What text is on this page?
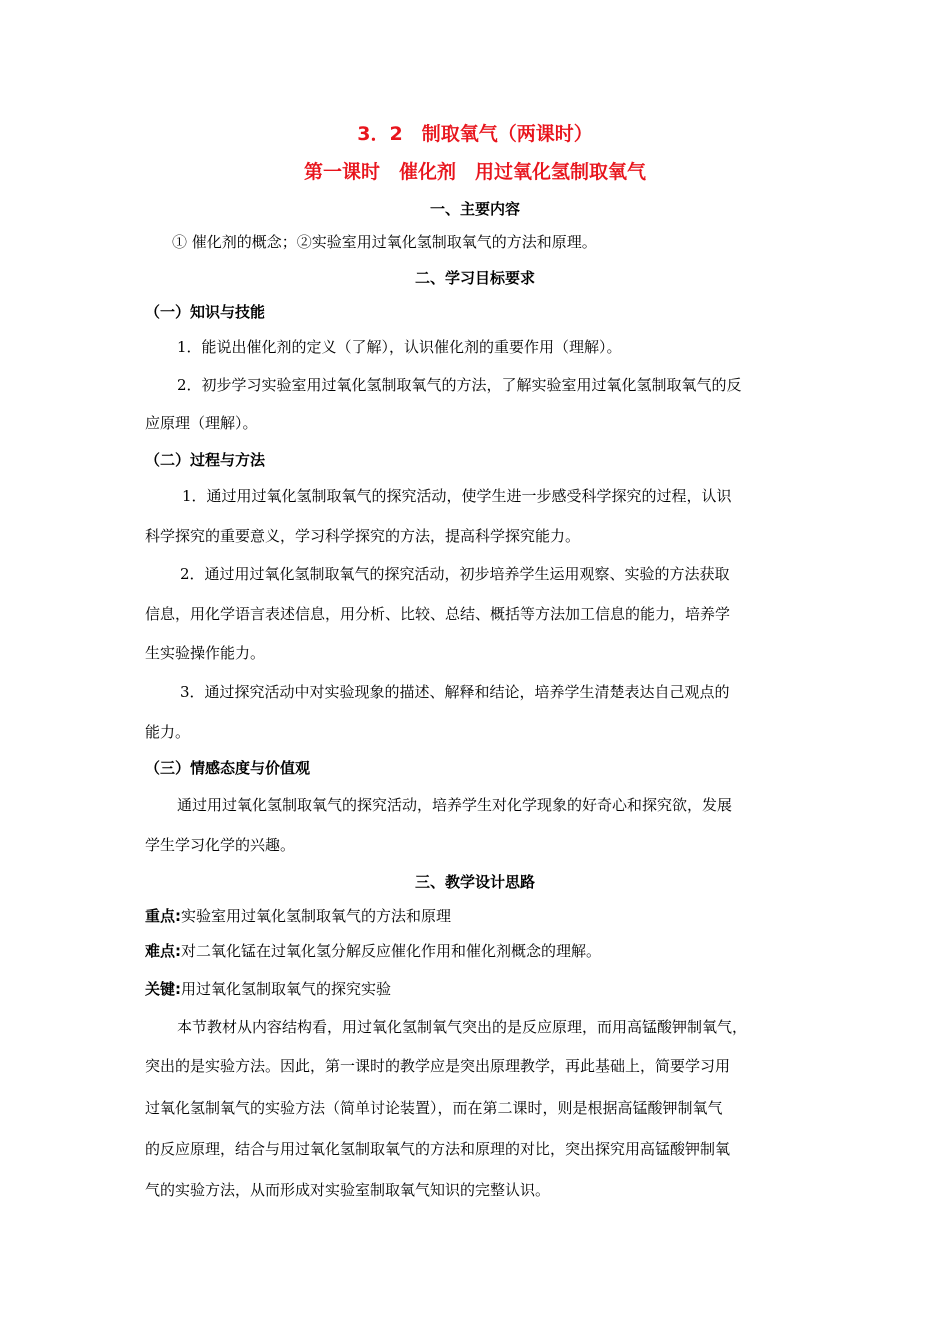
3．2　制取氧气（两课时）
第一课时　催化剂　用过氧化氢制取氧气
一、主要内容
① 催化剂的概念；②实验室用过氧化氢制取氧气的方法和原理。
二、学习目标要求
（一）知识与技能
1．能说出催化剂的定义（了解），认识催化剂的重要作用（理解）。
2．初步学习实验室用过氧化氢制取氧气的方法，了解实验室用过氧化氢制取氧气的反
应原理（理解）。
（二）过程与方法
1．通过用过氧化氢制取氧气的探究活动，使学生进一步感受科学探究的过程，认识
科学探究的重要意义，学习科学探究的方法，提高科学探究能力。
2．通过用过氧化氢制取氧气的探究活动，初步培养学生运用观察、实验的方法获取
信息，用化学语言表述信息，用分析、比较、总结、概括等方法加工信息的能力，培养学
生实验操作能力。
3．通过探究活动中对实验现象的描述、解释和结论，培养学生清楚表达自己观点的
能力。
（三）情感态度与价值观
通过用过氧化氢制取氧气的探究活动，培养学生对化学现象的好奇心和探究欲，发展
学生学习化学的兴趣。
三、教学设计思路
重点:实验室用过氧化氢制取氧气的方法和原理
难点:对二氧化锰在过氧化氢分解反应催化作用和催化剂概念的理解。
关键:用过氧化氢制取氧气的探究实验
本节教材从内容结构看，用过氧化氢制氧气突出的是反应原理，而用高锰酸钾制氧气，
突出的是实验方法。因此，第一课时的教学应是突出原理教学，再此基础上，简要学习用
过氧化氢制氧气的实验方法（简单讨论装置），而在第二课时，则是根据高锰酸钾制氧气
的反应原理，结合与用过氧化氢制取氧气的方法和原理的对比，突出探究用高锰酸钾制氧
气的实验方法，从而形成对实验室制取氧气知识的完整认识。
